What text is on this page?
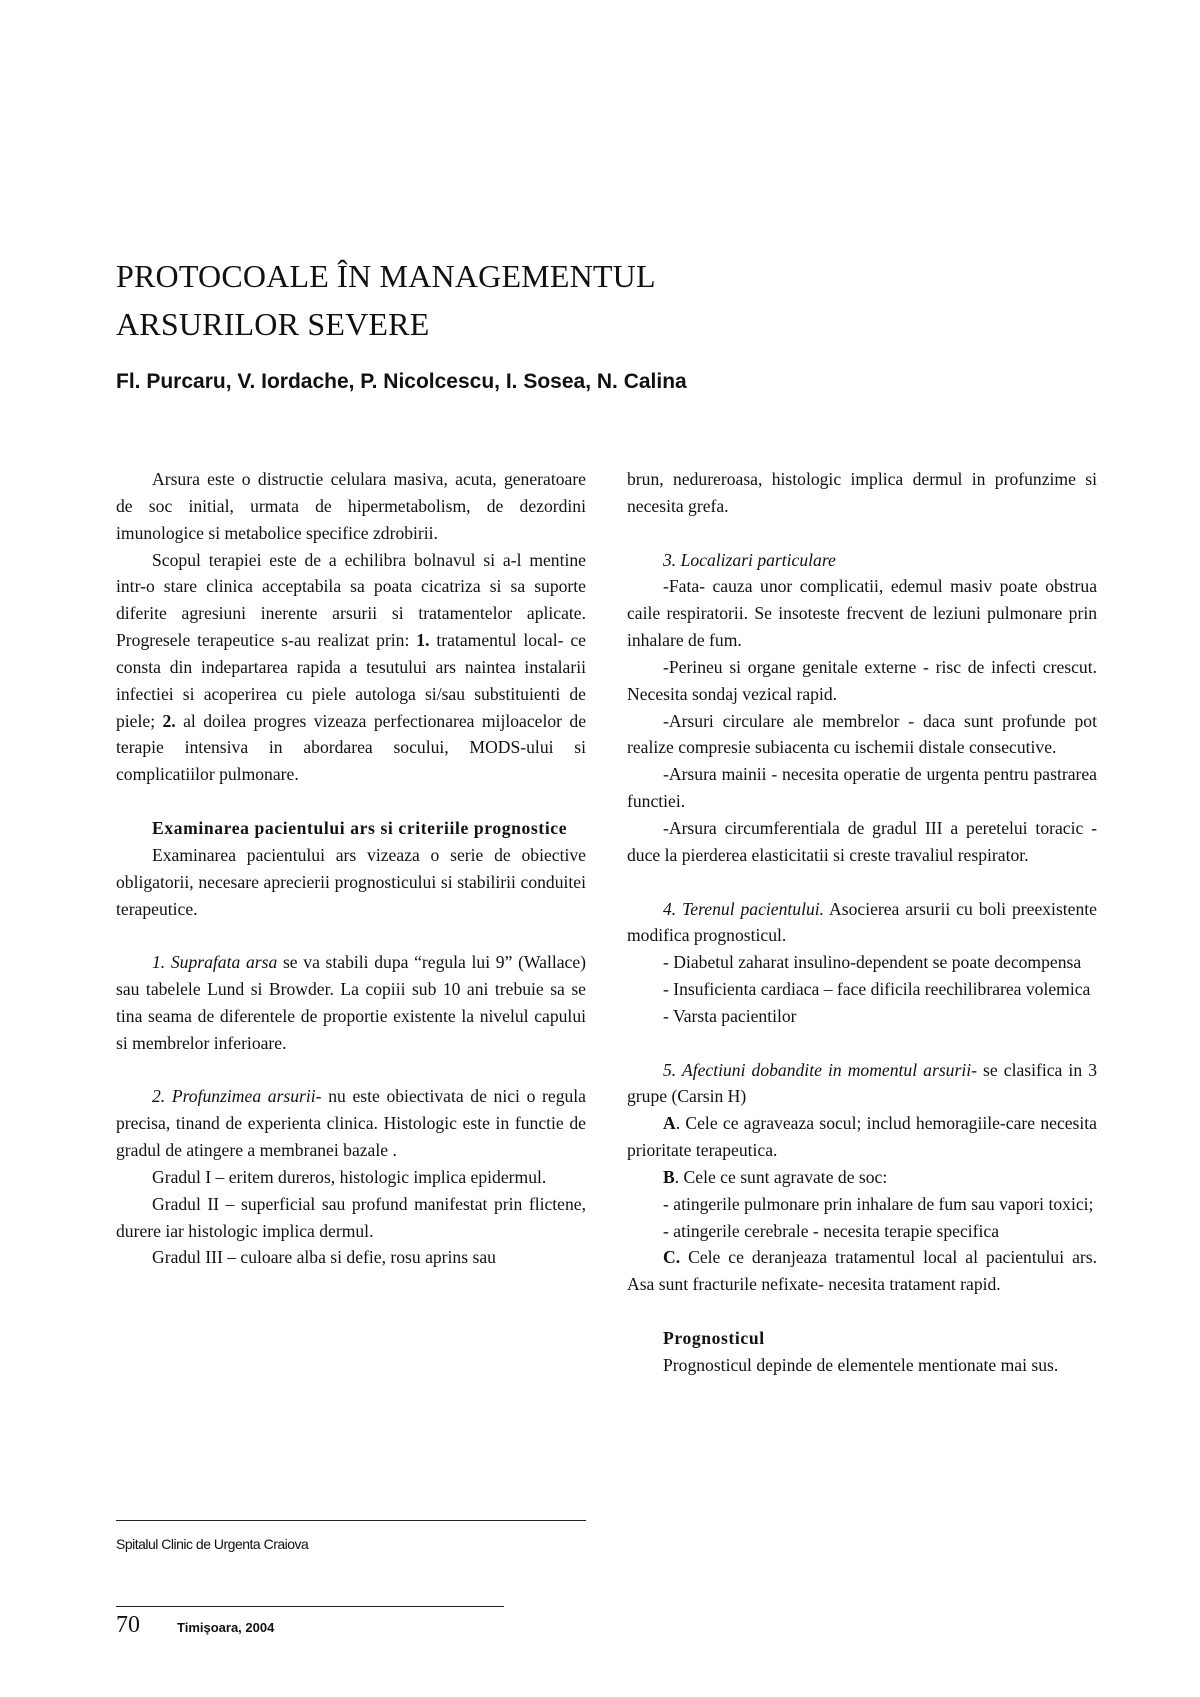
PROTOCOALE ÎN MANAGEMENTUL
ARSURILOR SEVERE

Fl. Purcaru, V. Iordache, P. Nicolcescu, I. Sosea, N. Calina

Arsura este o distructie celulara masiva, acuta, generatoare de soc initial, urmata de hipermetabolism, de dezordini imunologice si metabolice specifice zdrobirii.

Scopul terapiei este de a echilibra bolnavul si a-l mentine intr-o stare clinica acceptabila sa poata cicatriza si sa suporte diferite agresiuni inerente arsurii si tratamentelor aplicate. Progresele terapeutice s-au realizat prin: 1. tratamentul local- ce consta din indepartarea rapida a tesutului ars naintea instalarii infectiei si acoperirea cu piele autologa si/sau substituienti de piele; 2. al doilea progres vizeaza perfectionarea mijloacelor de terapie intensiva in abordarea socului, MODS-ului si complicatiilor pulmonare.

Examinarea pacientului ars si criteriile prognostice

Examinarea pacientului ars vizeaza o serie de obiective obligatorii, necesare aprecierii prognosticului si stabilirii conduitei terapeutice.

1. Suprafata arsa se va stabili dupa “regula lui 9” (Wallace) sau tabelele Lund si Browder. La copiii sub 10 ani trebuie sa se tina seama de diferentele de proportie existente la nivelul capului si membrelor inferioare.

2. Profunzimea arsurii- nu este obiectivata de nici o regula precisa, tinand de experienta clinica. Histologic este in functie de gradul de atingere a membranei bazale .

Gradul I – eritem dureros, histologic implica epidermul.

Gradul II – superficial sau profund manifestat prin flictene, durere iar histologic implica dermul.

Gradul III – culoare alba si defie, rosu aprins sau

brun, nedureroasa, histologic implica dermul in profunzime si necesita grefa.

3. Localizari particulare

-Fata- cauza unor complicatii, edemul masiv poate obstrua caile respiratorii. Se insoteste frecvent de leziuni pulmonare prin inhalare de fum.

-Perineu si organe genitale externe - risc de infecti crescut. Necesita sondaj vezical rapid.

-Arsuri circulare ale membrelor - daca sunt profunde pot realize compresie subiacenta cu ischemii distale consecutive.

-Arsura mainii - necesita operatie de urgenta pentru pastrarea functiei.

-Arsura circumferentiala de gradul III a peretelui toracic - duce la pierderea elasticitatii si creste travaliul respirator.

4. Terenul pacientului. Asocierea arsurii cu boli preexistente modifica prognosticul.

- Diabetul zaharat insulino-dependent se poate decompensa

- Insuficienta cardiaca – face dificila reechilibrarea volemica

- Varsta pacientilor

5. Afectiuni dobandite in momentul arsurii- se clasifica in 3 grupe (Carsin H)

A. Cele ce agraveaza socul; includ hemoragiile-care necesita prioritate terapeutica.

B. Cele ce sunt agravate de soc:

- atingerile pulmonare prin inhalare de fum sau vapori toxici;

- atingerile cerebrale - necesita terapie specifica

C. Cele ce deranjeaza tratamentul local al pacientului ars. Asa sunt fracturile nefixate- necesita tratament rapid.

Prognosticul

Prognosticul depinde de elementele mentionate mai sus.

Spitalul Clinic de Urgenta Craiova
70	Timişoara, 2004
